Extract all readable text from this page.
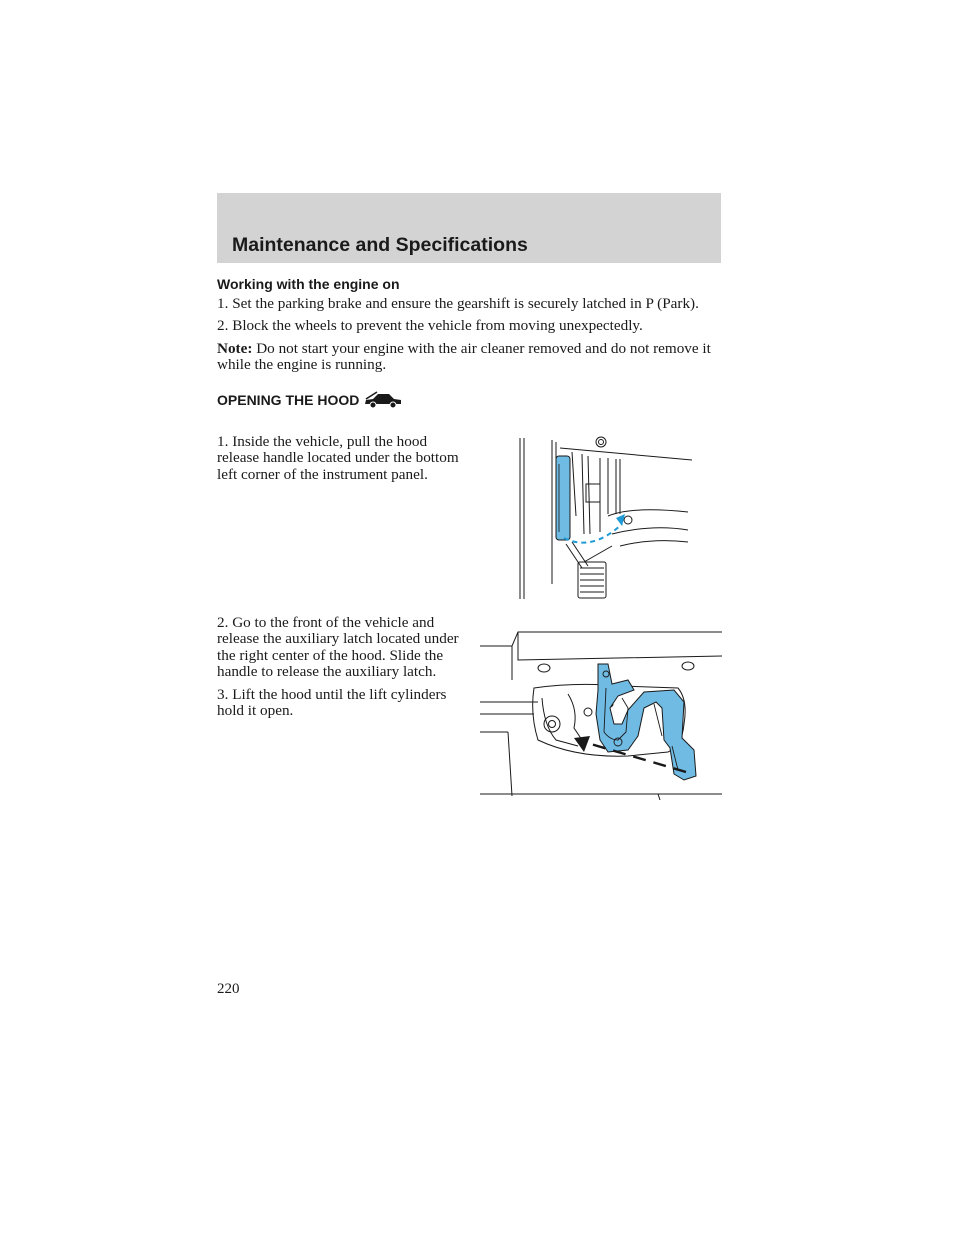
Maintenance and Specifications
Working with the engine on

1. Set the parking brake and ensure the gearshift is securely latched in P (Park).

2. Block the wheels to prevent the vehicle from moving unexpectedly.

Note: Do not start your engine with the air cleaner removed and do not remove it while the engine is running.

OPENING THE HOOD

1. Inside the vehicle, pull the hood release handle located under the bottom left corner of the instrument panel.

2. Go to the front of the vehicle and release the auxiliary latch located under the right center of the hood. Slide the handle to release the auxiliary latch.

3. Lift the hood until the lift cylinders hold it open.

220
